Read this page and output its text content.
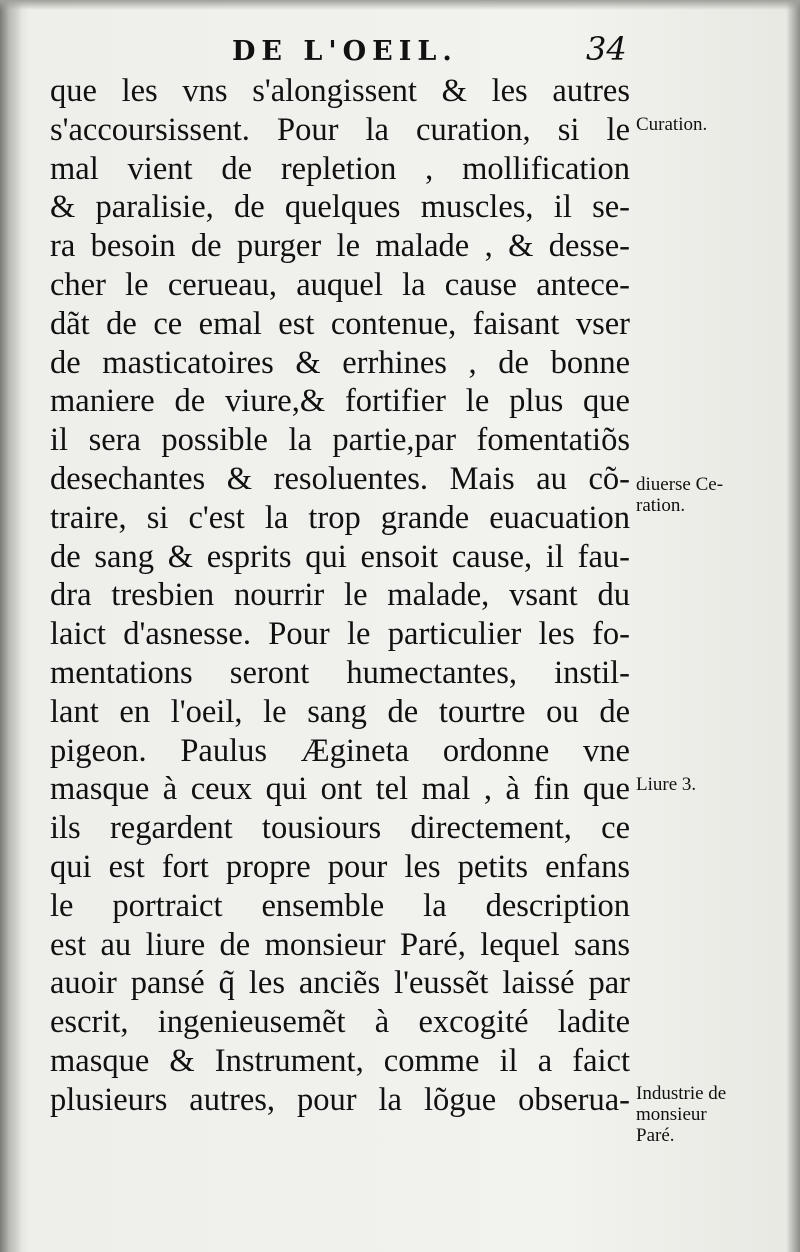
DE L'OEIL.	34
que les vns s'alongissent & les autres
s'accoursissent. Pour la curation, si le
mal vient de repletion , mollification
& paralisie, de quelques muscles, il se-
ra besoin de purger le malade , & desse-
cher le cerueau, auquel la cause antece-
dãt de ce emal est contenue, faisant vser
de masticatoires & errhines , de bonne
maniere de viure,& fortifier le plus que
il sera possible la partie,par fomentatiõs
desechantes & resoluentes. Mais au cõ-
traire, si c'est la trop grande euacuation
de sang & esprits qui ensoit cause, il fau-
dra tresbien nourrir le malade, vsant du
laict d'asnesse. Pour le particulier les fo-
mentations seront humectantes, instil-
lant en l'oeil, le sang de tourtre ou de
pigeon. Paulus Ægineta ordonne vne
masque à ceux qui ont tel mal , à fin que
ils regardent tousiours directement, ce
qui est fort propre pour les petits enfans
le portraict ensemble la description
est au liure de monsieur Paré, lequel sans
auoir pansé q̃ les anciẽs l'eussẽt laissé par
escrit, ingenieusemẽt à excogité ladite
masque & Instrument, comme il a faict
plusieurs autres, pour la lõgue obserua-
Curation.
diuerse Ce-
ration.
Liure 3.
Industrie de
monsieur
Paré.
